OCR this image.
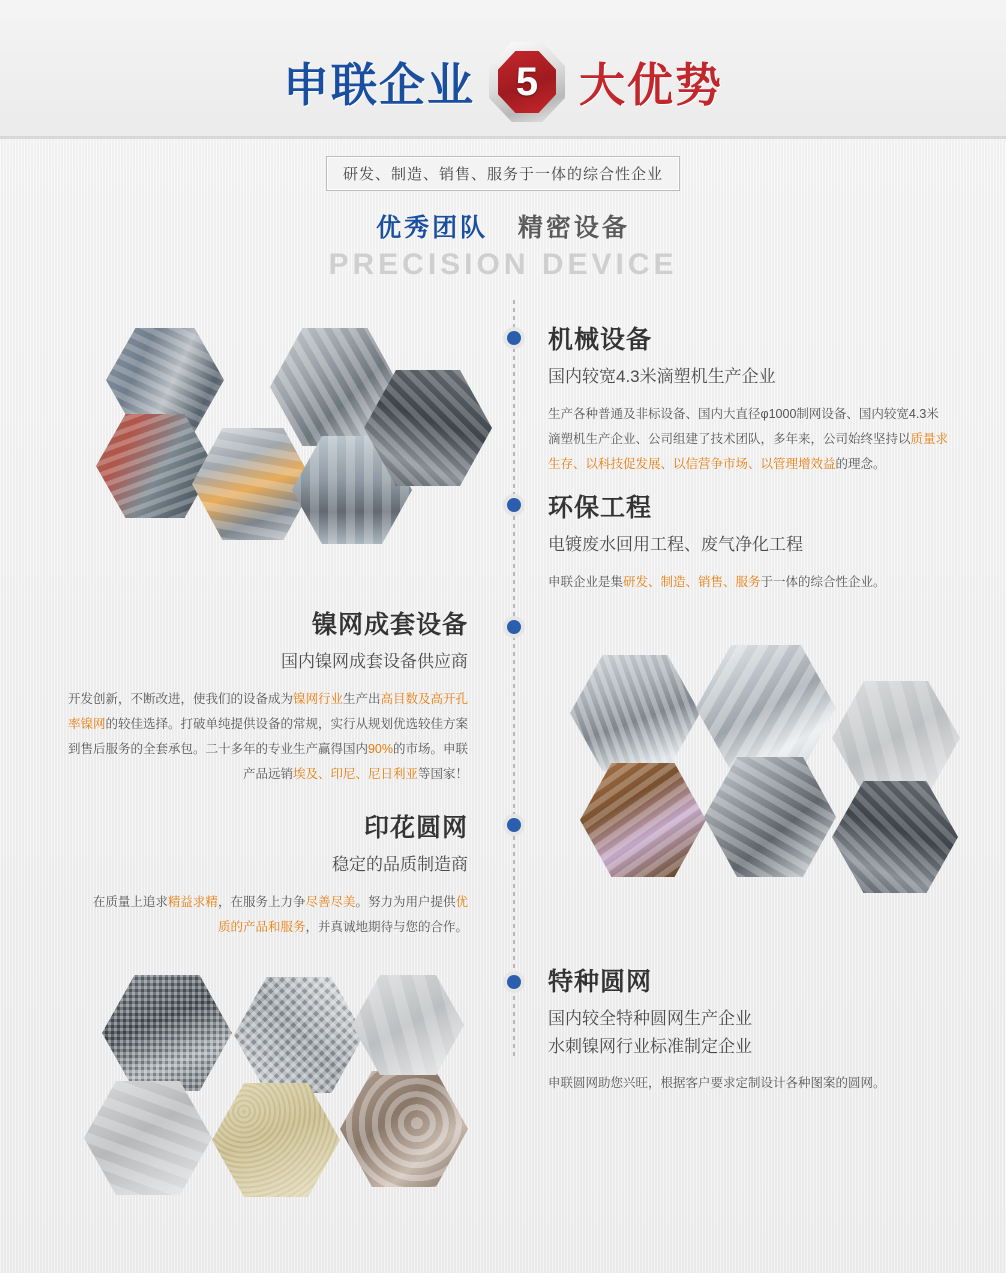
申联企业 5 大优势
研发、制造、销售、服务于一体的综合性企业
优秀团队 精密设备
PRECISION DEVICE
机械设备
国内较宽4.3米滴塑机生产企业
生产各种普通及非标设备、国内大直径φ1000制网设备、国内较宽4.3米
滴塑机生产企业、公司组建了技术团队，多年来，公司始终坚持以质量求
生存、以科技促发展、以信营争市场、以管理增效益的理念。
环保工程
电镀废水回用工程、废气净化工程
申联企业是集研发、制造、销售、服务于一体的综合性企业。
镍网成套设备
国内镍网成套设备供应商
开发创新，不断改进，使我们的设备成为镍网行业生产出高目数及高开孔
率镍网的较佳选择。打破单纯提供设备的常规，实行从规划优选较佳方案
到售后服务的全套承包。二十多年的专业生产赢得国内90%的市场。申联
产品远销埃及、印尼、尼日利亚等国家！
印花圆网
稳定的品质制造商
在质量上追求精益求精，在服务上力争尽善尽美。努力为用户提供优
质的产品和服务，并真诚地期待与您的合作。
特种圆网
国内较全特种圆网生产企业
水刺镍网行业标准制定企业
申联圆网助您兴旺，根据客户要求定制设计各种图案的圆网。
